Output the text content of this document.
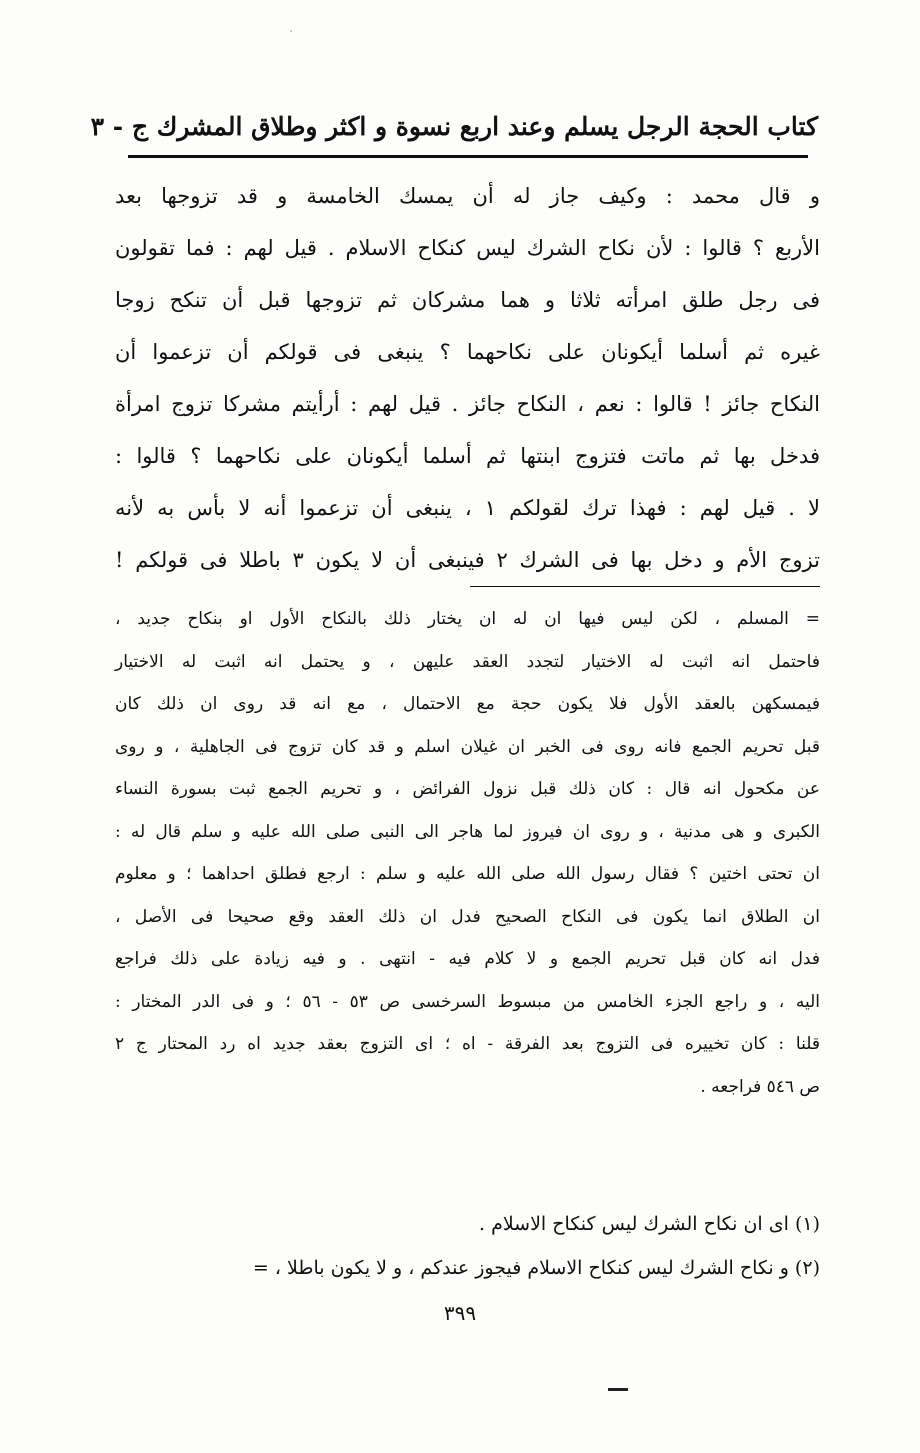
كتاب الحجة الرجل يسلم وعند اربع نسوة و اكثر وطلاق المشرك ج - ٣
و قال محمد : وكيف جاز له أن يمسك الخامسة و قد تزوجها بعد
الأربع ؟ قالوا : لأن نكاح الشرك ليس كنكاح الاسلام . قيل لهم : فما تقولون
فى رجل طلق امرأته ثلاثا و هما مشركان ثم تزوجها قبل أن تنكح زوجا
غيره ثم أسلما أيكونان على نكاحهما ؟ ينبغى فى قولكم أن تزعموا أن
النكاح جائز ! قالوا : نعم ، النكاح جائز . قيل لهم : أرأيتم مشركا تزوج امرأة
فدخل بها ثم ماتت فتزوج ابنتها ثم أسلما أيكونان على نكاحهما ؟ قالوا :
لا . قيل لهم : فهذا ترك لقولكم ١ ، ينبغى أن تزعموا أنه لا بأس به لأنه
تزوج الأم و دخل بها فى الشرك ٢ فينبغى أن لا يكون ٣ باطلا فى قولكم !
= المسلم ، لكن ليس فيها ان له ان يختار ذلك بالنكاح الأول او بنكاح جديد ،
فاحتمل انه اثبت له الاختيار لتجدد العقد عليهن ، و يحتمل انه اثبت له الاختيار
فيمسكهن بالعقد الأول فلا يكون حجة مع الاحتمال ، مع انه قد روى ان ذلك كان
قبل تحريم الجمع فانه روى فى الخبر ان غيلان اسلم و قد كان تزوج فى الجاهلية ، و روى
عن مكحول انه قال : كان ذلك قبل نزول الفرائض ، و تحريم الجمع ثبت بسورة النساء
الكبرى و هى مدنية ، و روى ان فيروز لما هاجر الى النبى صلى الله عليه و سلم قال له :
ان تحتى اختين ؟ فقال رسول الله صلى الله عليه و سلم : ارجع فطلق احداهما ؛ و معلوم
ان الطلاق انما يكون فى النكاح الصحيح فدل ان ذلك العقد وقع صحيحا فى الأصل ،
فدل انه كان قبل تحريم الجمع و لا كلام فيه - انتهى . و فيه زيادة على ذلك فراجع
اليه ، و راجع الجزء الخامس من مبسوط السرخسى ص ٥٣ - ٥٦ ؛ و فى الدر المختار :
قلنا : كان تخييره فى التزوج بعد الفرقة - اه ؛ اى التزوج بعقد جديد اه رد المحتار ج ٢
ص ٥٤٦ فراجعه .
(١) اى ان نكاح الشرك ليس كنكاح الاسلام .
(٢) و نكاح الشرك ليس كنكاح الاسلام فيجوز عندكم ، و لا يكون باطلا ، =
٣٩٩
